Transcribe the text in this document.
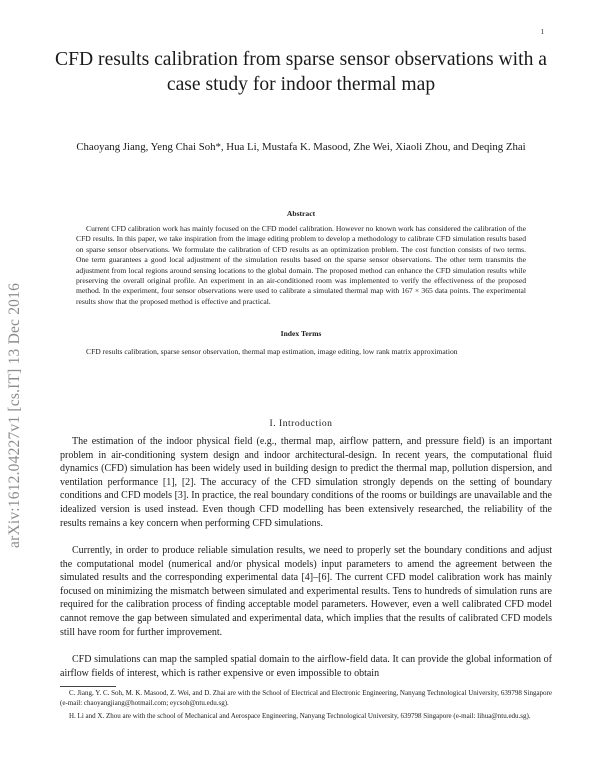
1
arXiv:1612.04227v1 [cs.IT] 13 Dec 2016
CFD results calibration from sparse sensor observations with a case study for indoor thermal map

Chaoyang Jiang, Yeng Chai Soh*, Hua Li, Mustafa K. Masood, Zhe Wei, Xiaoli Zhou, and Deqing Zhai

Abstract

Current CFD calibration work has mainly focused on the CFD model calibration. However no known work has considered the calibration of the CFD results. In this paper, we take inspiration from the image editing problem to develop a methodology to calibrate CFD simulation results based on sparse sensor observations. We formulate the calibration of CFD results as an optimization problem. The cost function consists of two terms. One term guarantees a good local adjustment of the simulation results based on the sparse sensor observations. The other term transmits the adjustment from local regions around sensing locations to the global domain. The proposed method can enhance the CFD simulation results while preserving the overall original profile. An experiment in an air-conditioned room was implemented to verify the effectiveness of the proposed method. In the experiment, four sensor observations were used to calibrate a simulated thermal map with 167 × 365 data points. The experimental results show that the proposed method is effective and practical.

Index Terms

CFD results calibration, sparse sensor observation, thermal map estimation, image editing, low rank matrix approximation

I. Introduction

The estimation of the indoor physical field (e.g., thermal map, airflow pattern, and pressure field) is an important problem in air-conditioning system design and indoor architectural-design. In recent years, the computational fluid dynamics (CFD) simulation has been widely used in building design to predict the thermal map, pollution dispersion, and ventilation performance [1], [2]. The accuracy of the CFD simulation strongly depends on the setting of boundary conditions and CFD models [3]. In practice, the real boundary conditions of the rooms or buildings are unavailable and the idealized version is used instead. Even though CFD modelling has been extensively researched, the reliability of the results remains a key concern when performing CFD simulations.

Currently, in order to produce reliable simulation results, we need to properly set the boundary conditions and adjust the computational model (numerical and/or physical models) input parameters to amend the agreement between the simulated results and the corresponding experimental data [4]–[6]. The current CFD model calibration work has mainly focused on minimizing the mismatch between simulated and experimental results. Tens to hundreds of simulation runs are required for the calibration process of finding acceptable model parameters. However, even a well calibrated CFD model cannot remove the gap between simulated and experimental data, which implies that the results of calibrated CFD models still have room for further improvement.

CFD simulations can map the sampled spatial domain to the airflow-field data. It can provide the global information of airflow fields of interest, which is rather expensive or even impossible to obtain

C. Jiang, Y. C. Soh, M. K. Masood, Z. Wei, and D. Zhai are with the School of Electrical and Electronic Engineering, Nanyang Technological University, 639798 Singapore (e-mail: chaoyangjiang@hotmail.com; eycsoh@ntu.edu.sg).

H. Li and X. Zhou are with the school of Mechanical and Aerospace Engineering, Nanyang Technological University, 639798 Singapore (e-mail: lihua@ntu.edu.sg).
